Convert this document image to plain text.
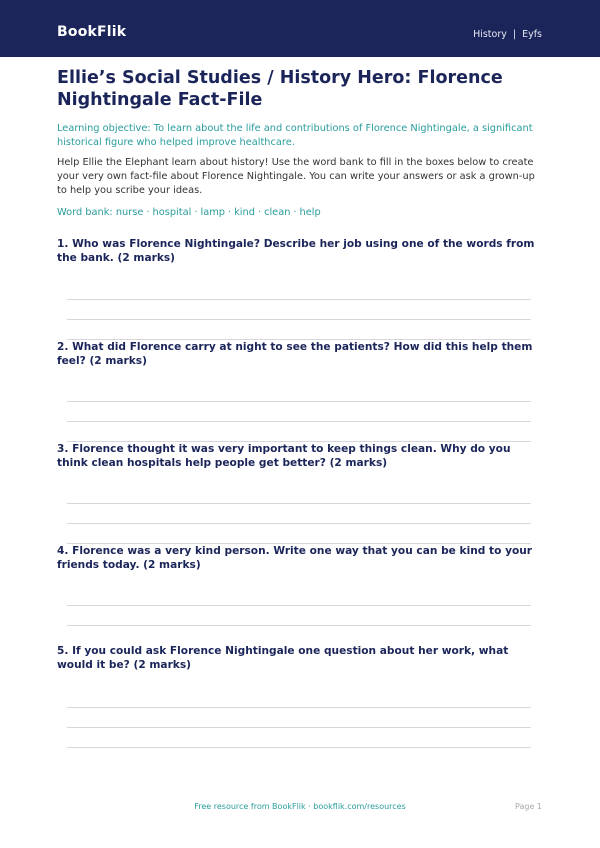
BookFlik	History | Eyfs
Ellie’s Social Studies / History Hero: Florence Nightingale Fact-File

Learning objective: To learn about the life and contributions of Florence Nightingale, a significant historical figure who helped improve healthcare.

Help Ellie the Elephant learn about history! Use the word bank to fill in the boxes below to create your very own fact-file about Florence Nightingale. You can write your answers or ask a grown-up to help you scribe your ideas.

Word bank: nurse · hospital · lamp · kind · clean · help

1. Who was Florence Nightingale? Describe her job using one of the words from the bank. (2 marks)

2. What did Florence carry at night to see the patients? How did this help them feel? (2 marks)

3. Florence thought it was very important to keep things clean. Why do you think clean hospitals help people get better? (2 marks)

4. Florence was a very kind person. Write one way that you can be kind to your friends today. (2 marks)

5. If you could ask Florence Nightingale one question about her work, what would it be? (2 marks)

Free resource from BookFlik · bookflik.com/resources	Page 1
